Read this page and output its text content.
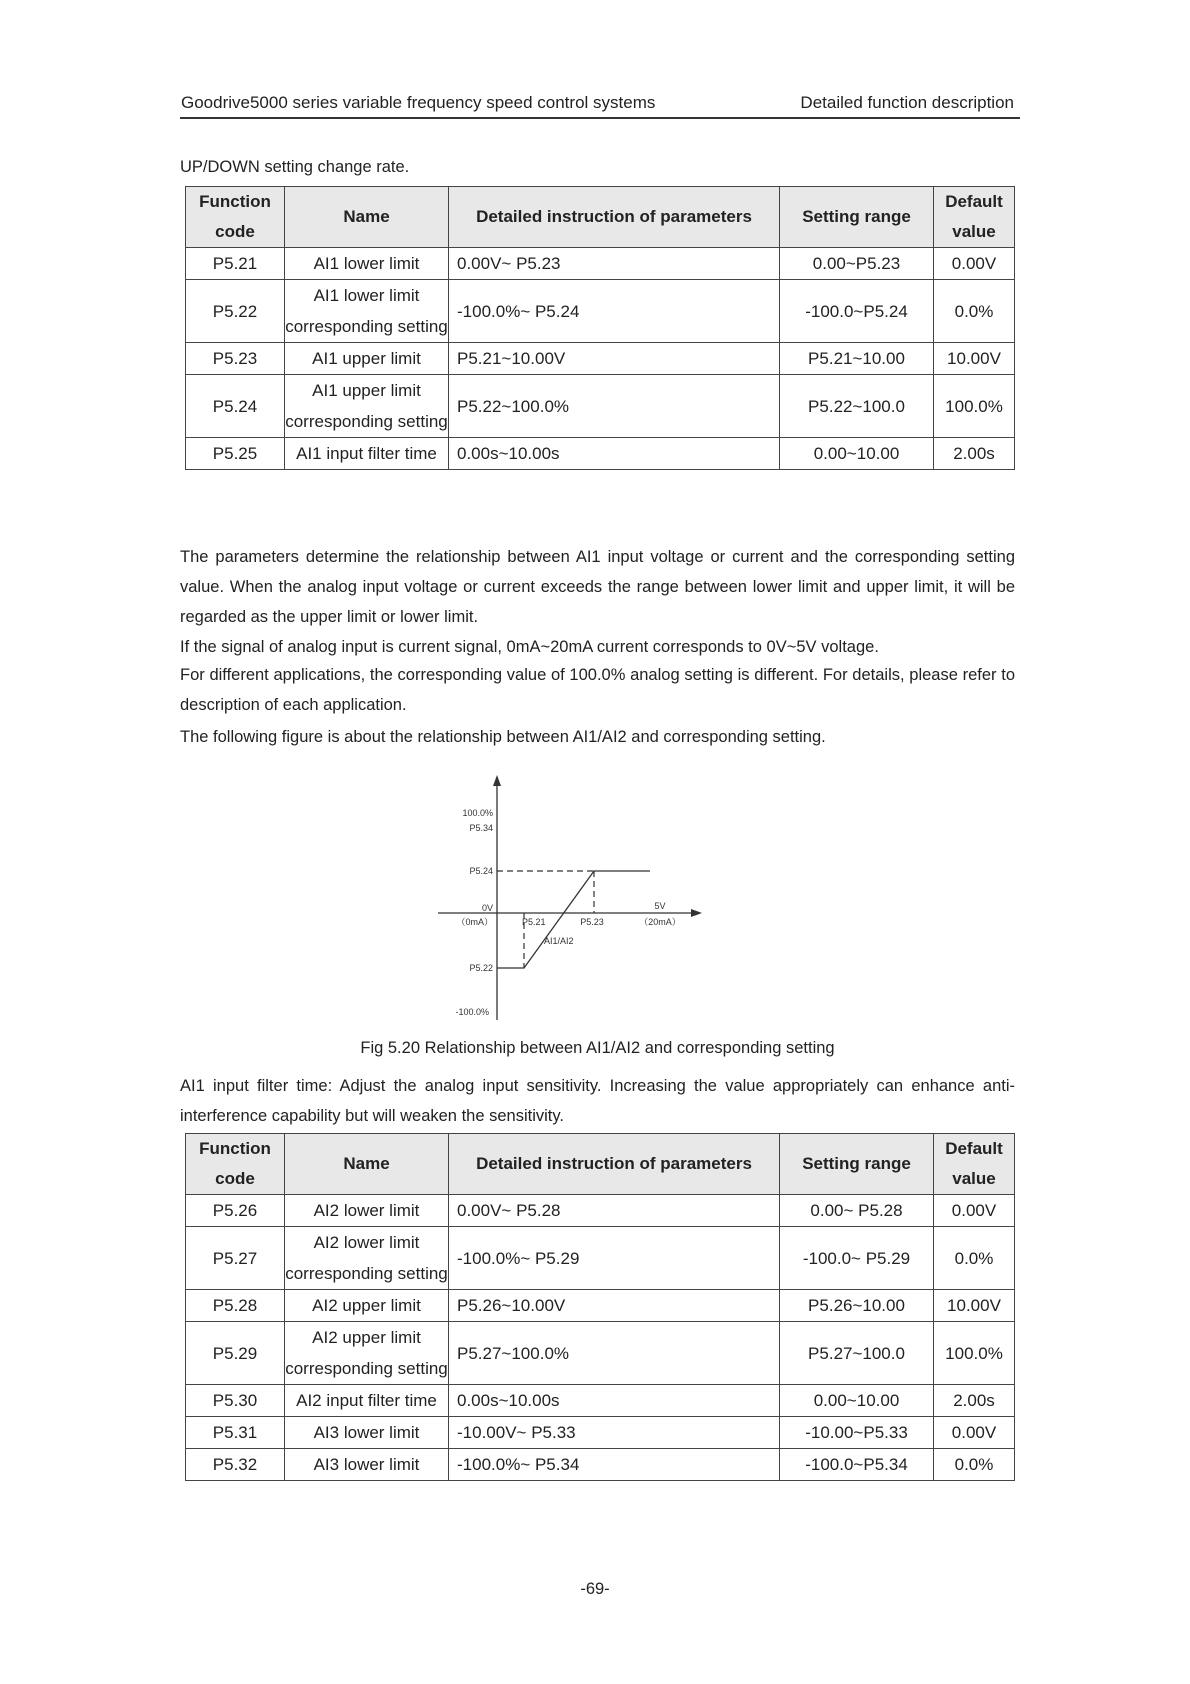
Goodrive5000 series variable frequency speed control systems	Detailed function description

UP/DOWN setting change rate.

Function code	Name	Detailed instruction of parameters	Setting range	Default value
P5.21	AI1 lower limit	0.00V~ P5.23	0.00~P5.23	0.00V
P5.22	AI1 lower limit corresponding setting	-100.0%~ P5.24	-100.0~P5.24	0.0%
P5.23	AI1 upper limit	P5.21~10.00V	P5.21~10.00	10.00V
P5.24	AI1 upper limit corresponding setting	P5.22~100.0%	P5.22~100.0	100.0%
P5.25	AI1 input filter time	0.00s~10.00s	0.00~10.00	2.00s

The parameters determine the relationship between AI1 input voltage or current and the corresponding setting value. When the analog input voltage or current exceeds the range between lower limit and upper limit, it will be regarded as the upper limit or lower limit.

If the signal of analog input is current signal, 0mA~20mA current corresponds to 0V~5V voltage.

For different applications, the corresponding value of 100.0% analog setting is different. For details, please refer to description of each application.

The following figure is about the relationship between AI1/AI2 and corresponding setting.

100.0%
P5.34
P5.24
0V
（0mA）	P5.21	P5.23
5V
（20mA）
AI1/AI2
P5.22
-100.0%
Fig 5.20 Relationship between AI1/AI2 and corresponding setting

AI1 input filter time: Adjust the analog input sensitivity. Increasing the value appropriately can enhance anti-interference capability but will weaken the sensitivity.

Function code	Name	Detailed instruction of parameters	Setting range	Default value
P5.26	AI2 lower limit	0.00V~ P5.28	0.00~ P5.28	0.00V
P5.27	AI2 lower limit corresponding setting	-100.0%~ P5.29	-100.0~ P5.29	0.0%
P5.28	AI2 upper limit	P5.26~10.00V	P5.26~10.00	10.00V
P5.29	AI2 upper limit corresponding setting	P5.27~100.0%	P5.27~100.0	100.0%
P5.30	AI2 input filter time	0.00s~10.00s	0.00~10.00	2.00s
P5.31	AI3 lower limit	-10.00V~ P5.33	-10.00~P5.33	0.00V
P5.32	AI3 lower limit	-100.0%~ P5.34	-100.0~P5.34	0.0%
-69-
